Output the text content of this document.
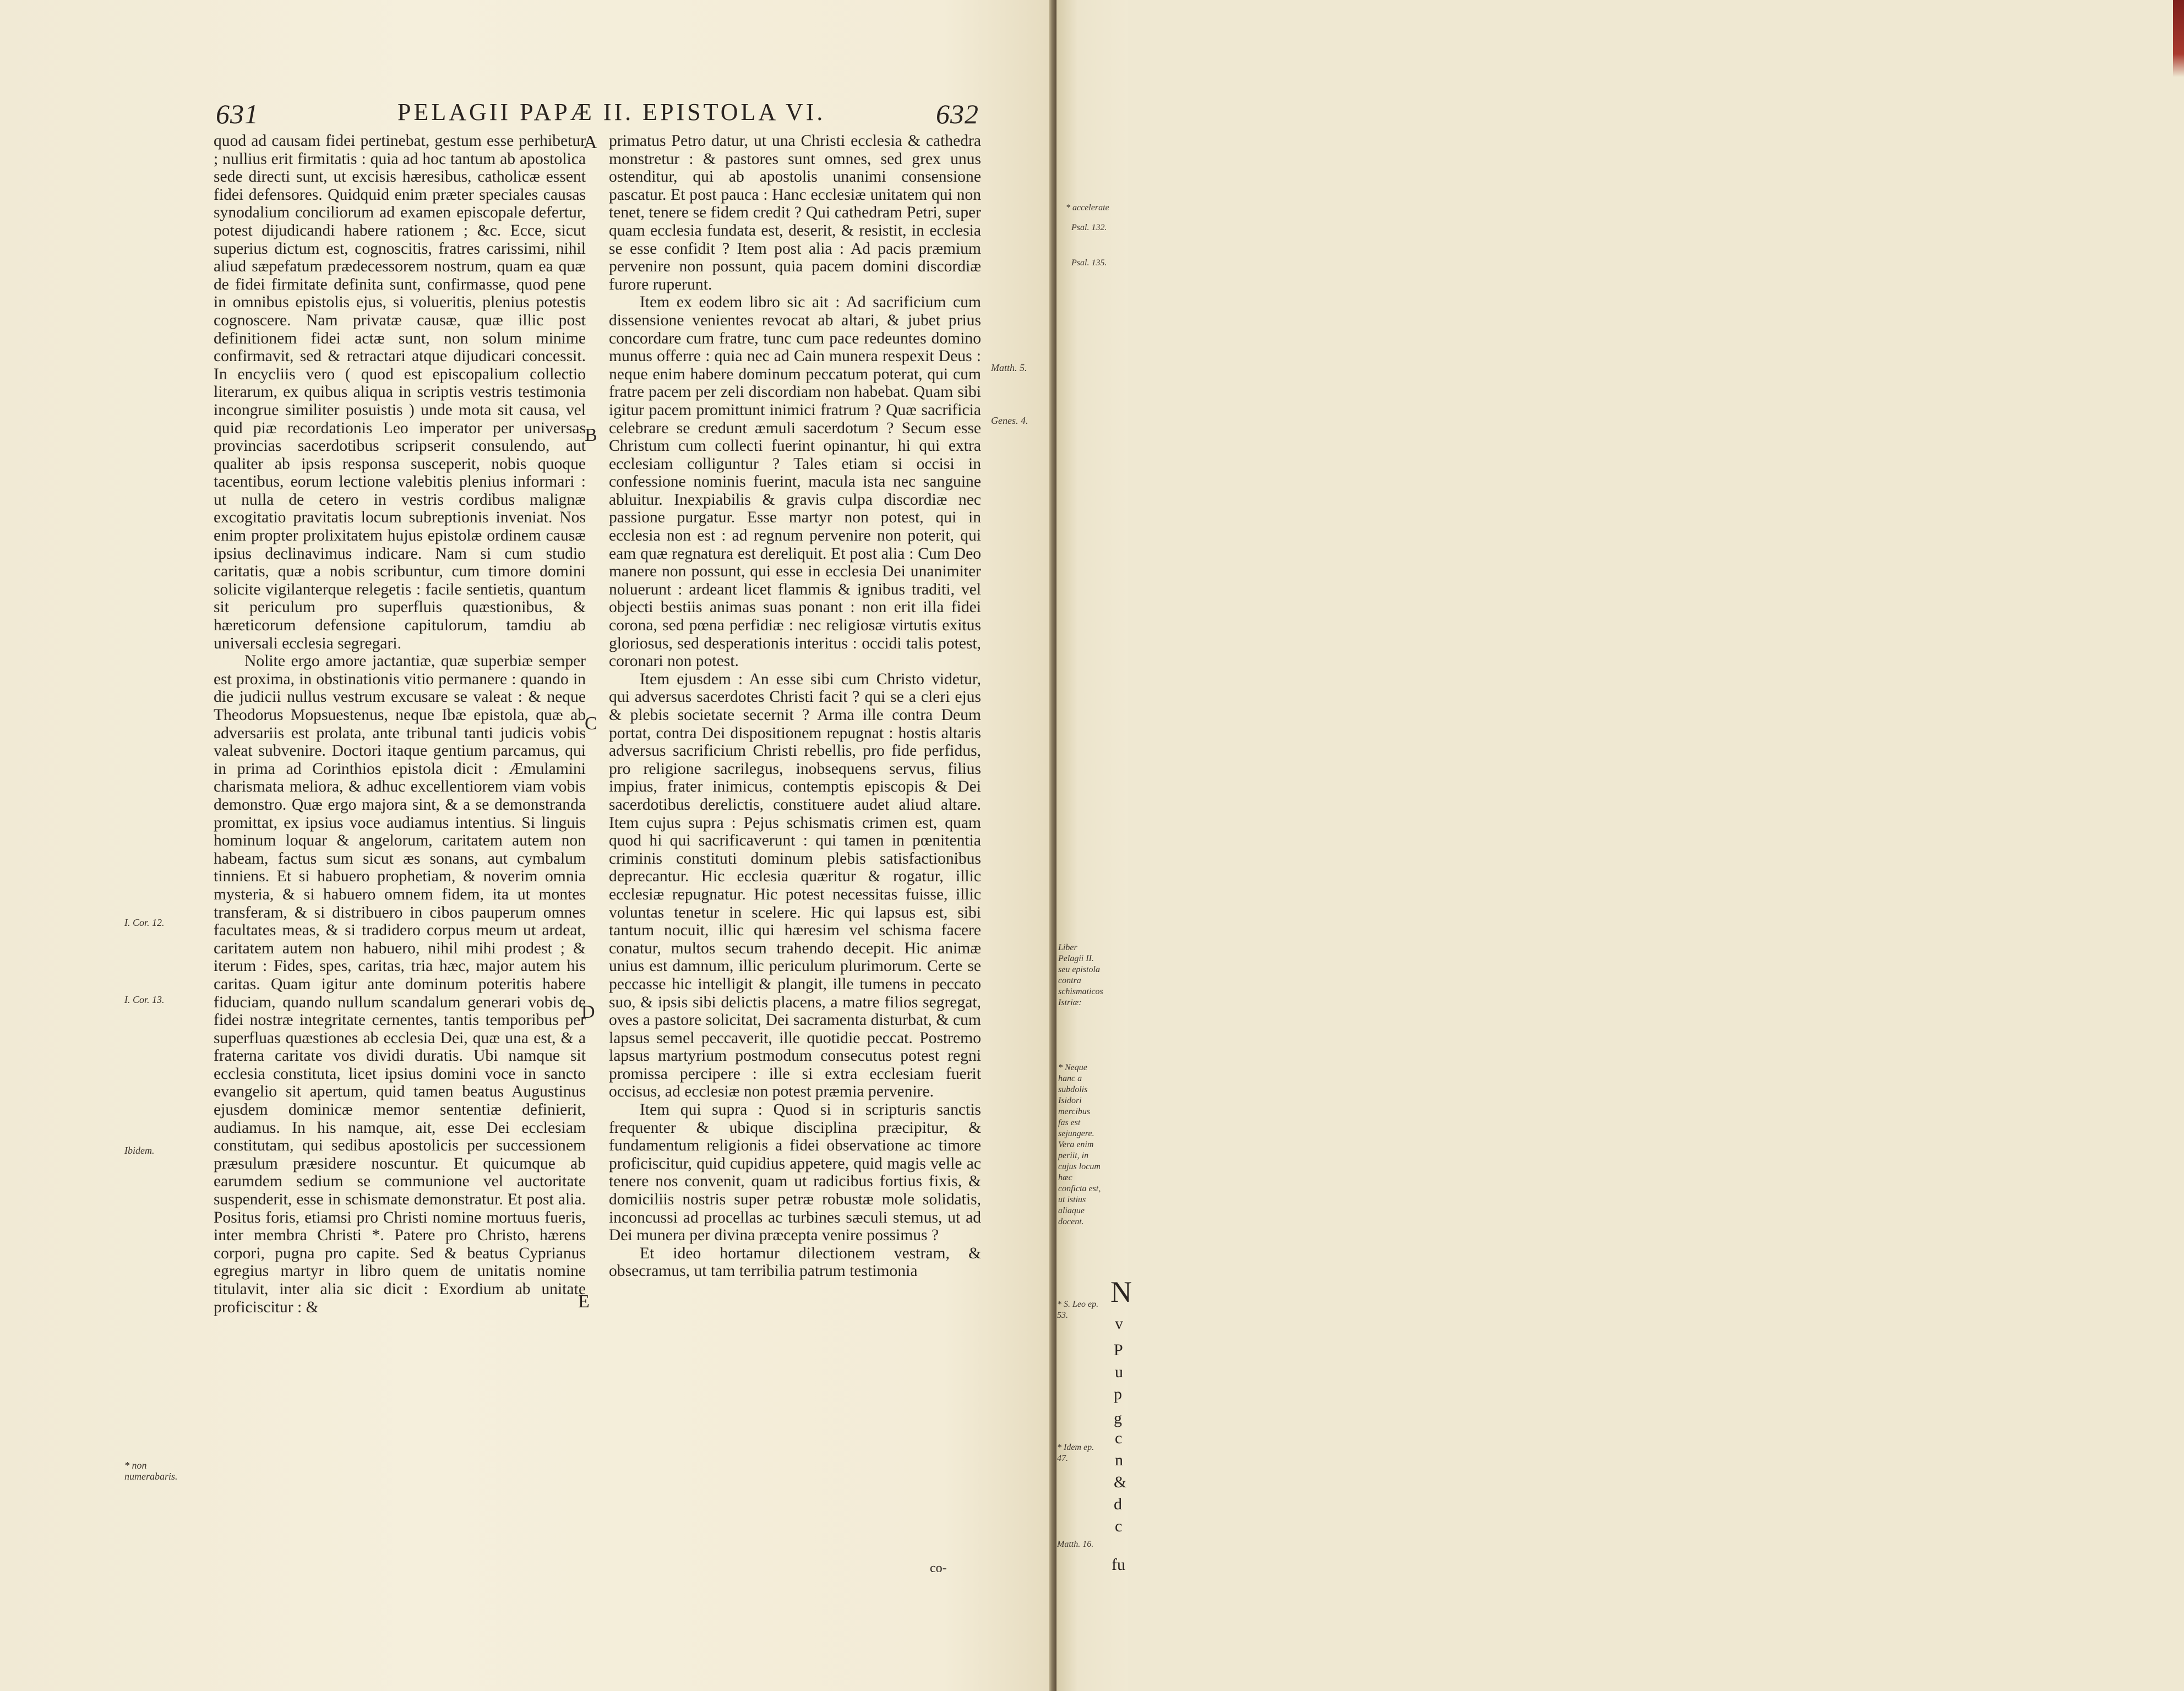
631	PELAGII PAPÆ II. EPISTOLA VI.	632

quod ad causam fidei pertinebat, gestum esse perhibetur ; nullius erit firmitatis : quia ad hoc tantum ab apostolica sede directi sunt, ut excisis hæresibus, catholicæ essent fidei defensores. Quidquid enim præter speciales causas synodalium conciliorum ad examen episcopale defertur, potest dijudicandi habere rationem ; &c. Ecce, sicut superius dictum est, cognoscitis, fratres carissimi, nihil aliud sæpefatum prædecessorem nostrum, quam ea quæ de fidei firmitate definita sunt, confirmasse, quod pene in omnibus epistolis ejus, si volueritis, plenius potestis cognoscere. Nam privatæ causæ, quæ illic post definitionem fidei actæ sunt, non solum minime confirmavit, sed & retractari atque dijudicari concessit. In encycliis vero ( quod est episcopalium collectio literarum, ex quibus aliqua in scriptis vestris testimonia incongrue similiter posuistis ) unde mota sit causa, vel quid piæ recordationis Leo imperator per universas provincias sacerdotibus scripserit consulendo, aut qualiter ab ipsis responsa susceperit, nobis quoque tacentibus, eorum lectione valebitis plenius informari : ut nulla de cetero in vestris cordibus malignæ excogitatio pravitatis locum subreptionis inveniat. Nos enim propter prolixitatem hujus epistolæ ordinem causæ ipsius declinavimus indicare. Nam si cum studio caritatis, quæ a nobis scribuntur, cum timore domini solicite vigilanterque relegetis : facile sentietis, quantum sit periculum pro superfluis quæstionibus, & hæreticorum defensione capitulorum, tamdiu ab universali ecclesia segregari.

Nolite ergo amore jactantiæ, quæ superbiæ semper est proxima, in obstinationis vitio permanere : quando in die judicii nullus vestrum excusare se valeat : & neque Theodorus Mopsuestenus, neque Ibæ epistola, quæ ab adversariis est prolata, ante tribunal tanti judicis vobis valeat subvenire. Doctori itaque gentium parcamus, qui in prima ad Corinthios epistola dicit : Æmulamini charismata meliora, & adhuc excellentiorem viam vobis demonstro. Quæ ergo majora sint, & a se demonstranda promittat, ex ipsius voce audiamus intentius. Si linguis hominum loquar & angelorum, caritatem autem non habeam, factus sum sicut æs sonans, aut cymbalum tinniens. Et si habuero prophetiam, & noverim omnia mysteria, & si habuero omnem fidem, ita ut montes transferam, & si distribuero in cibos pauperum omnes facultates meas, & si tradidero corpus meum ut ardeat, caritatem autem non habuero, nihil mihi prodest ; & iterum : Fides, spes, caritas, tria hæc, major autem his caritas. Quam igitur ante dominum poteritis habere fiduciam, quando nullum scandalum generari vobis de fidei nostræ integritate cernentes, tantis temporibus per superfluas quæstiones ab ecclesia Dei, quæ una est, & a fraterna caritate vos dividi duratis. Ubi namque sit ecclesia constituta, licet ipsius domini voce in sancto evangelio sit apertum, quid tamen beatus Augustinus ejusdem dominicæ memor sententiæ definierit, audiamus. In his namque, ait, esse Dei ecclesiam constitutam, qui sedibus apostolicis per successionem præsulum præsidere noscuntur. Et quicumque ab earumdem sedium se communione vel auctoritate suspenderit, esse in schismate demonstratur. Et post alia. Positus foris, etiamsi pro Christi nomine mortuus fueris, inter membra Christi *. Patere pro Christo, hærens corpori, pugna pro capite. Sed & beatus Cyprianus egregius martyr in libro quem de unitatis nomine titulavit, inter alia sic dicit : Exordium ab unitate proficiscitur : &

primatus Petro datur, ut una Christi ecclesia & cathedra monstretur : & pastores sunt omnes, sed grex unus ostenditur, qui ab apostolis unanimi consensione pascatur. Et post pauca : Hanc ecclesiæ unitatem qui non tenet, tenere se fidem credit ? Qui cathedram Petri, super quam ecclesia fundata est, deserit, & resistit, in ecclesia se esse confidit ? Item post alia : Ad pacis præmium pervenire non possunt, quia pacem domini discordiæ furore ruperunt.

Item ex eodem libro sic ait : Ad sacrificium cum dissensione venientes revocat ab altari, & jubet prius concordare cum fratre, tunc cum pace redeuntes domino munus offerre : quia nec ad Cain munera respexit Deus : neque enim habere dominum peccatum poterat, qui cum fratre pacem per zeli discordiam non habebat. Quam sibi igitur pacem promittunt inimici fratrum ? Quæ sacrificia celebrare se credunt æmuli sacerdotum ? Secum esse Christum cum collecti fuerint opinantur, hi qui extra ecclesiam colliguntur ? Tales etiam si occisi in confessione nominis fuerint, macula ista nec sanguine abluitur. Inexpiabilis & gravis culpa discordiæ nec passione purgatur. Esse martyr non potest, qui in ecclesia non est : ad regnum pervenire non poterit, qui eam quæ regnatura est dereliquit. Et post alia : Cum Deo manere non possunt, qui esse in ecclesia Dei unanimiter noluerunt : ardeant licet flammis & ignibus traditi, vel objecti bestiis animas suas ponant : non erit illa fidei corona, sed pœna perfidiæ : nec religiosæ virtutis exitus gloriosus, sed desperationis interitus : occidi talis potest, coronari non potest.

Item ejusdem : An esse sibi cum Christo videtur, qui adversus sacerdotes Christi facit ? qui se a cleri ejus & plebis societate secernit ? Arma ille contra Deum portat, contra Dei dispositionem repugnat : hostis altaris adversus sacrificium Christi rebellis, pro fide perfidus, pro religione sacrilegus, inobsequens servus, filius impius, frater inimicus, contemptis episcopis & Dei sacerdotibus derelictis, constituere audet aliud altare. Item cujus supra : Pejus schismatis crimen est, quam quod hi qui sacrificaverunt : qui tamen in pœnitentia criminis constituti dominum plebis satisfactionibus deprecantur. Hic ecclesia quæritur & rogatur, illic ecclesiæ repugnatur. Hic potest necessitas fuisse, illic voluntas tenetur in scelere. Hic qui lapsus est, sibi tantum nocuit, illic qui hæresim vel schisma facere conatur, multos secum trahendo decepit. Hic animæ unius est damnum, illic periculum plurimorum. Certe se peccasse hic intelligit & plangit, ille tumens in peccato suo, & ipsis sibi delictis placens, a matre filios segregat, oves a pastore solicitat, Dei sacramenta disturbat, & cum lapsus semel peccaverit, ille quotidie peccat. Postremo lapsus martyrium postmodum consecutus potest regni promissa percipere : ille si extra ecclesiam fuerit occisus, ad ecclesiæ non potest præmia pervenire.

Item qui supra : Quod si in scripturis sanctis frequenter & ubique disciplina præcipitur, & fundamentum religionis a fidei observatione ac timore proficiscitur, quid cupidius appetere, quid magis velle ac tenere nos convenit, quam ut radicibus fortius fixis, & domiciliis nostris super petræ robustæ mole solidatis, inconcussi ad procellas ac turbines sæculi stemus, ut ad Dei munera per divina præcepta venire possimus ?

Et ideo hortamur dilectionem vestram, & obsecramus, ut tam terribilia patrum testimonia

A
B
C
D
E
I. Cor. 12.
I. Cor. 13.
Ibidem.
* non numerabaris.
Matth. 5.
Genes. 4.
co-
* accelerate
Psal. 132.
Psal. 135.
Liber Pelagii II. seu epistola contra schismaticos Istriæ:
* Neque hanc a subdolis Isidori mercibus fas est sejungere. Vera enim periit, in cujus locum hæc conficta est, ut istius aliaque docent.
* S. Leo ep. 53.
* Idem ep. 47.
Matth. 16.
N
v
P
u
p
g
c
n
&
d
c
fu
